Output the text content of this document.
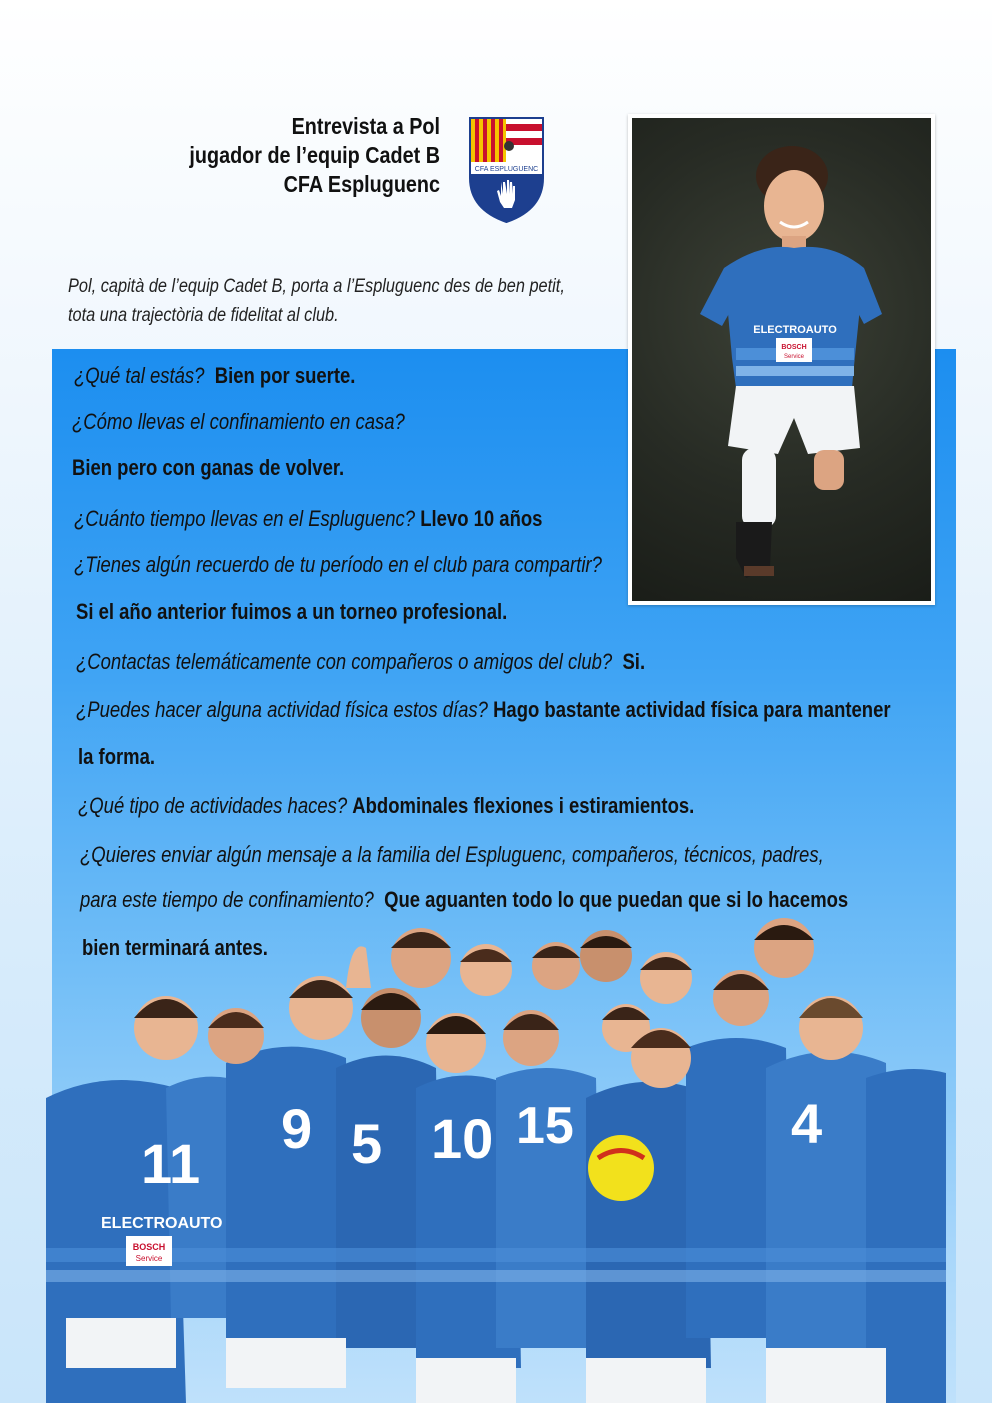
Entrevista a Pol
jugador de l’equip Cadet B
CFA Espluguenc
CFA ESPLUGUENC
Pol, capità de l’equip Cadet B, porta a l’Espluguenc des de ben petit,
tota una trajectòria de fidelitat al club.
ELECTROAUTO
BOSCH
Service
¿Qué tal estás? Bien por suerte.
¿Cómo llevas el confinamiento en casa?
Bien pero con ganas de volver.
¿Cuánto tiempo llevas en el Espluguenc? Llevo 10 años
¿Tienes algún recuerdo de tu período en el club para compartir?
Si el año anterior fuimos a un torneo profesional.
¿Contactas telemáticamente con compañeros o amigos del club? Si.
¿Puedes hacer alguna actividad física estos días? Hago bastante actividad física para mantener
la forma.
¿Qué tipo de actividades haces? Abdominales flexiones i estiramientos.
¿Quieres enviar algún mensaje a la familia del Espluguenc, compañeros, técnicos, padres,
para este tiempo de confinamiento? Que aguanten todo lo que puedan que si lo hacemos
bien terminará antes.
11
9 5 10 15	4
ELECTROAUTO
BOSCH
Service
